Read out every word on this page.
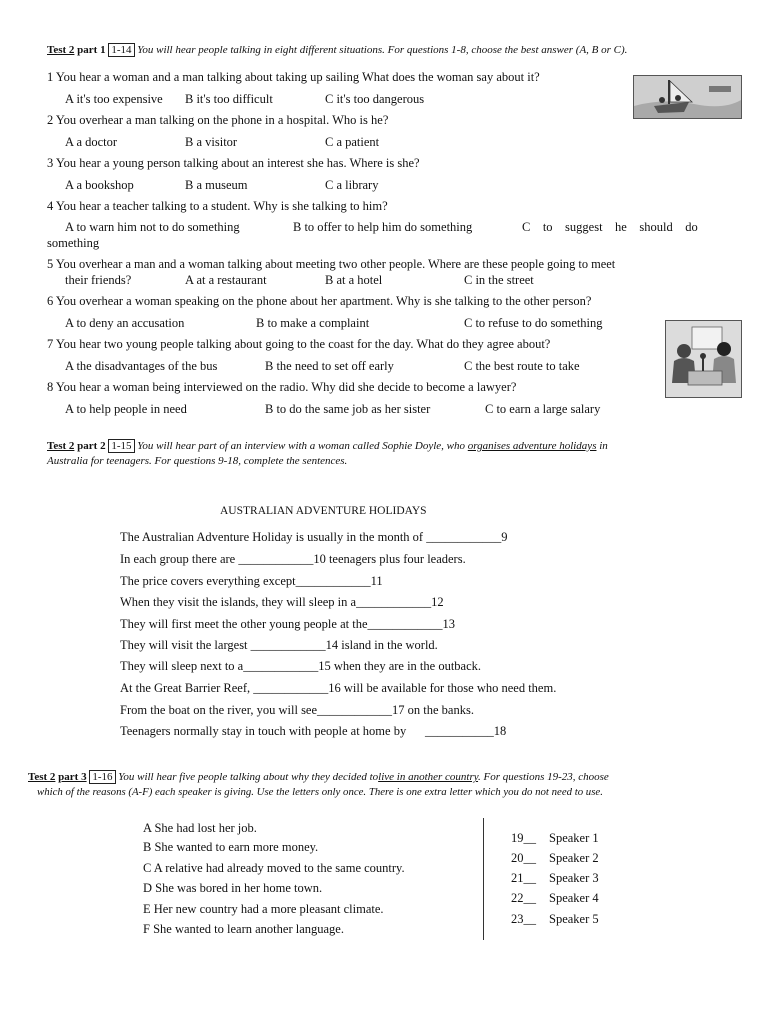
Test 2 part 1 1-14 You will hear people talking in eight different situations. For questions 1-8, choose the best answer (A, B or C).
1 You hear a woman and a man talking about taking up sailing What does the woman say about it?
A it's too expensive B it's too difficult	C it's too dangerous
2 You overhear a man talking on the phone in a hospital. Who is he?
A a doctor	B a visitor	C a patient
3 You hear a young person talking about an interest she has. Where is she?
A a bookshop	B a museum	C a library
4 You hear a teacher talking to a student. Why is she talking to him?
A to warn him not to do something	B to offer to help him do something	C    to    suggest    he    should    do
something
5 You overhear a man and a woman talking about meeting two other people. Where are these people going to meet
their friends?	A at a restaurant	B at a hotel	C in the street
6 You overhear a woman speaking on the phone about her apartment. Why is she talking to the other person?
A to deny an accusation	B to make a complaint	C to refuse to do something
7 You hear two young people talking about going to the coast for the day. What do they agree about?
A the disadvantages of the bus	B the need to set off early	C the best route to take
8 You hear a woman being interviewed on the radio. Why did she decide to become a lawyer?
A to help people in need	B to do the same job as her sister	C to earn a large salary
Test 2 part 2 1-15 You will hear part of an interview with a woman called Sophie Doyle, who organises adventure holidays in
Australia for teenagers. For questions 9-18, complete the sentences.
AUSTRALIAN ADVENTURE HOLIDAYS
The Australian Adventure Holiday is usually in the month of ____________9
In each group there are ____________10 teenagers plus four leaders.
The price covers everything except____________11
When they visit the islands, they will sleep in a____________12
They will first meet the other young people at the____________13
They will visit the largest ____________14 island in the world.
They will sleep next to a____________15 when they are in the outback.
At the Great Barrier Reef, ____________16 will be available for those who need them.
From the boat on the river, you will see____________17 on the banks.
Teenagers normally stay in touch with people at home by      ___________18
Test 2 part 3 1-16 You will hear five people talking about why they decided tolive in another country. For questions 19-23, choose
which of the reasons (A-F) each speaker is giving. Use the letters only once. There is one extra letter which you do not need to use.
A She had lost her job.
B She wanted to earn more money.
C A relative had already moved to the same country.
D She was bored in her home town.
E Her new country had a more pleasant climate.
F She wanted to learn another language.
19__ Speaker 1
20__ Speaker 2
21__ Speaker 3
22__ Speaker 4
23__ Speaker 5
